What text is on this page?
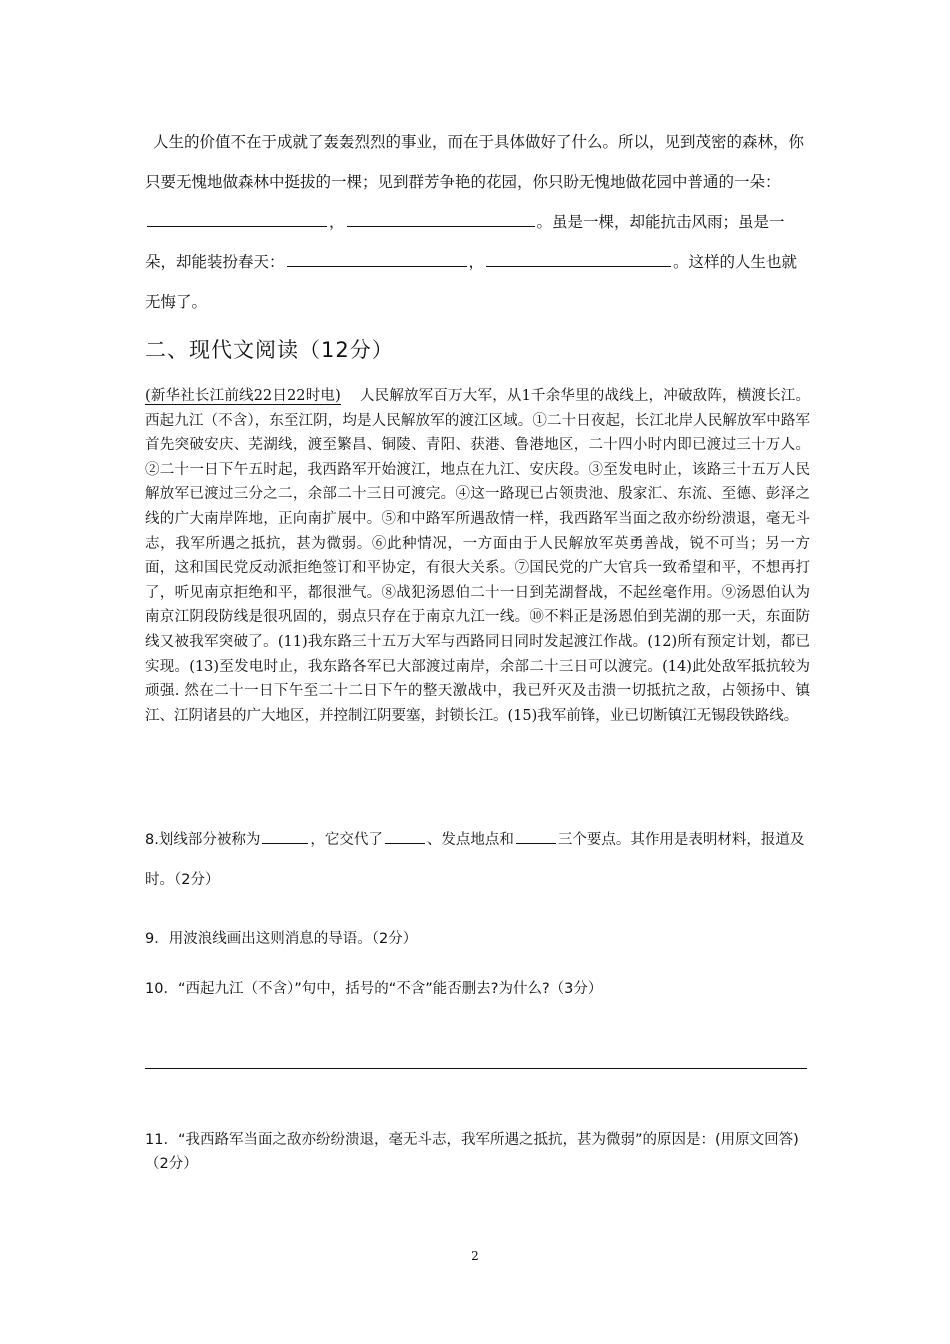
人生的价值不在于成就了轰轰烈烈的事业，而在于具体做好了什么。所以，见到茂密的森林，你只要无愧地做森林中挺拔的一棵；见到群芳争艳的花园，你只盼无愧地做花园中普通的一朵：，	。虽是一棵，却能抗击风雨；虽是一朵，却能装扮春天：	，	。这样的人生也就无悔了。
二、现代文阅读（12分）
(新华社长江前线22日22时电) 人民解放军百万大军，从1千余华里的战线上，冲破敌阵，横渡长江。西起九江（不含），东至江阴，均是人民解放军的渡江区域。①二十日夜起，长江北岸人民解放军中路军首先突破安庆、芜湖线，渡至繁昌、铜陵、青阳、获港、鲁港地区，二十四小时内即已渡过三十万人。②二十一日下午五时起，我西路军开始渡江，地点在九江、安庆段。③至发电时止，该路三十五万人民解放军已渡过三分之二，余部二十三日可渡完。④这一路现已占领贵池、殷家汇、东流、至德、彭泽之线的广大南岸阵地，正向南扩展中。⑤和中路军所遇敌情一样，我西路军当面之敌亦纷纷溃退，毫无斗志，我军所遇之抵抗，甚为微弱。⑥此种情况，一方面由于人民解放军英勇善战，锐不可当；另一方面，这和国民党反动派拒绝签订和平协定，有很大关系。⑦国民党的广大官兵一致希望和平，不想再打了，听见南京拒绝和平，都很泄气。⑧战犯汤恩伯二十一日到芜湖督战，不起丝毫作用。⑨汤恩伯认为南京江阴段防线是很巩固的，弱点只存在于南京九江一线。⑩不料正是汤恩伯到芜湖的那一天，东面防线又被我军突破了。(11)我东路三十五万大军与西路同日同时发起渡江作战。(12)所有预定计划，都已实现。(13)至发电时止，我东路各军已大部渡过南岸，余部二十三日可以渡完。(14)此处敌军抵抗较为顽强. 然在二十一日下午至二十二日下午的整天激战中，我已歼灭及击溃一切抵抗之敌，占领扬中、镇江、江阴诸县的广大地区，并控制江阴要塞，封锁长江。(15)我军前锋，业已切断镇江无锡段铁路线。
8.划线部分被称为	，它交代了	、发点地点和	三个要点。其作用是表明材料，报道及时。（2分）
9．用波浪线画出这则消息的导语。（2分）
10．“西起九江（不含）”句中，括号的“不含”能否删去?为什么?（3分）
11．“我西路军当面之敌亦纷纷溃退，毫无斗志，我军所遇之抵抗，甚为微弱”的原因是：(用原文回答)（2分）
2
